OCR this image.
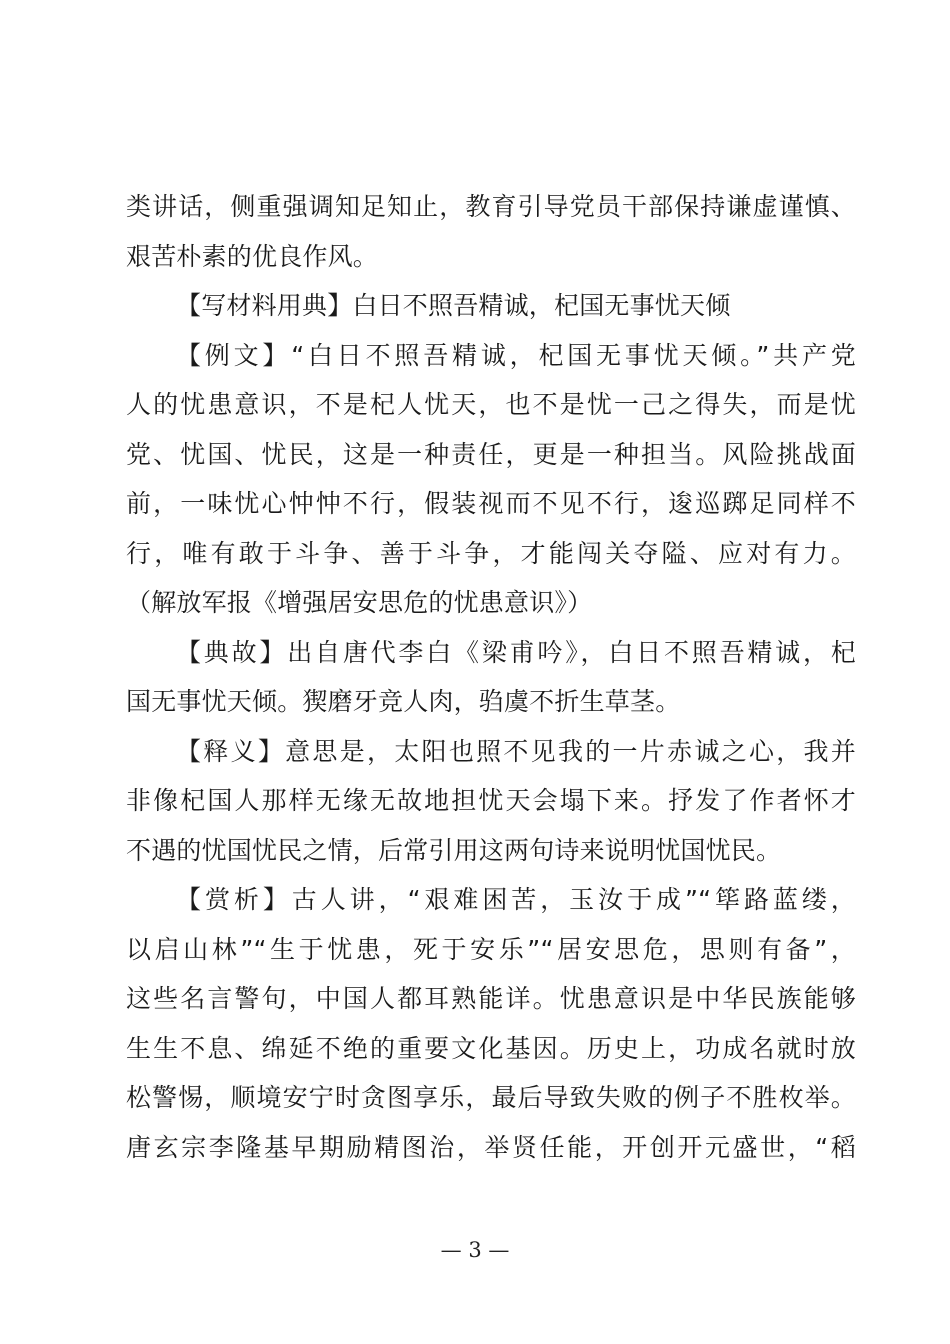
类讲话，侧重强调知足知止，教育引导党员干部保持谦虚谨慎、
艰苦朴素的优良作风。
【写材料用典】白日不照吾精诚，杞国无事忧天倾
【例文】“白日不照吾精诚，杞国无事忧天倾。”共产党
人的忧患意识，不是杞人忧天，也不是忧一己之得失，而是忧
党、忧国、忧民，这是一种责任，更是一种担当。风险挑战面
前，一味忧心忡忡不行，假装视而不见不行，逡巡踯足同样不
行，唯有敢于斗争、善于斗争，才能闯关夺隘、应对有力。
（解放军报《增强居安思危的忧患意识》）
【典故】出自唐代李白《梁甫吟》，白日不照吾精诚，杞
国无事忧天倾。猰磨牙竞人肉，驺虞不折生草茎。
【释义】意思是，太阳也照不见我的一片赤诚之心，我并
非像杞国人那样无缘无故地担忧天会塌下来。抒发了作者怀才
不遇的忧国忧民之情，后常引用这两句诗来说明忧国忧民。
【赏析】古人讲，“艰难困苦，玉汝于成”“筚路蓝缕，
以启山林”“生于忧患，死于安乐”“居安思危，思则有备”，
这些名言警句，中国人都耳熟能详。忧患意识是中华民族能够
生生不息、绵延不绝的重要文化基因。历史上，功成名就时放
松警惕，顺境安宁时贪图享乐，最后导致失败的例子不胜枚举。
唐玄宗李隆基早期励精图治，举贤任能，开创开元盛世，“稻
— 3 —
